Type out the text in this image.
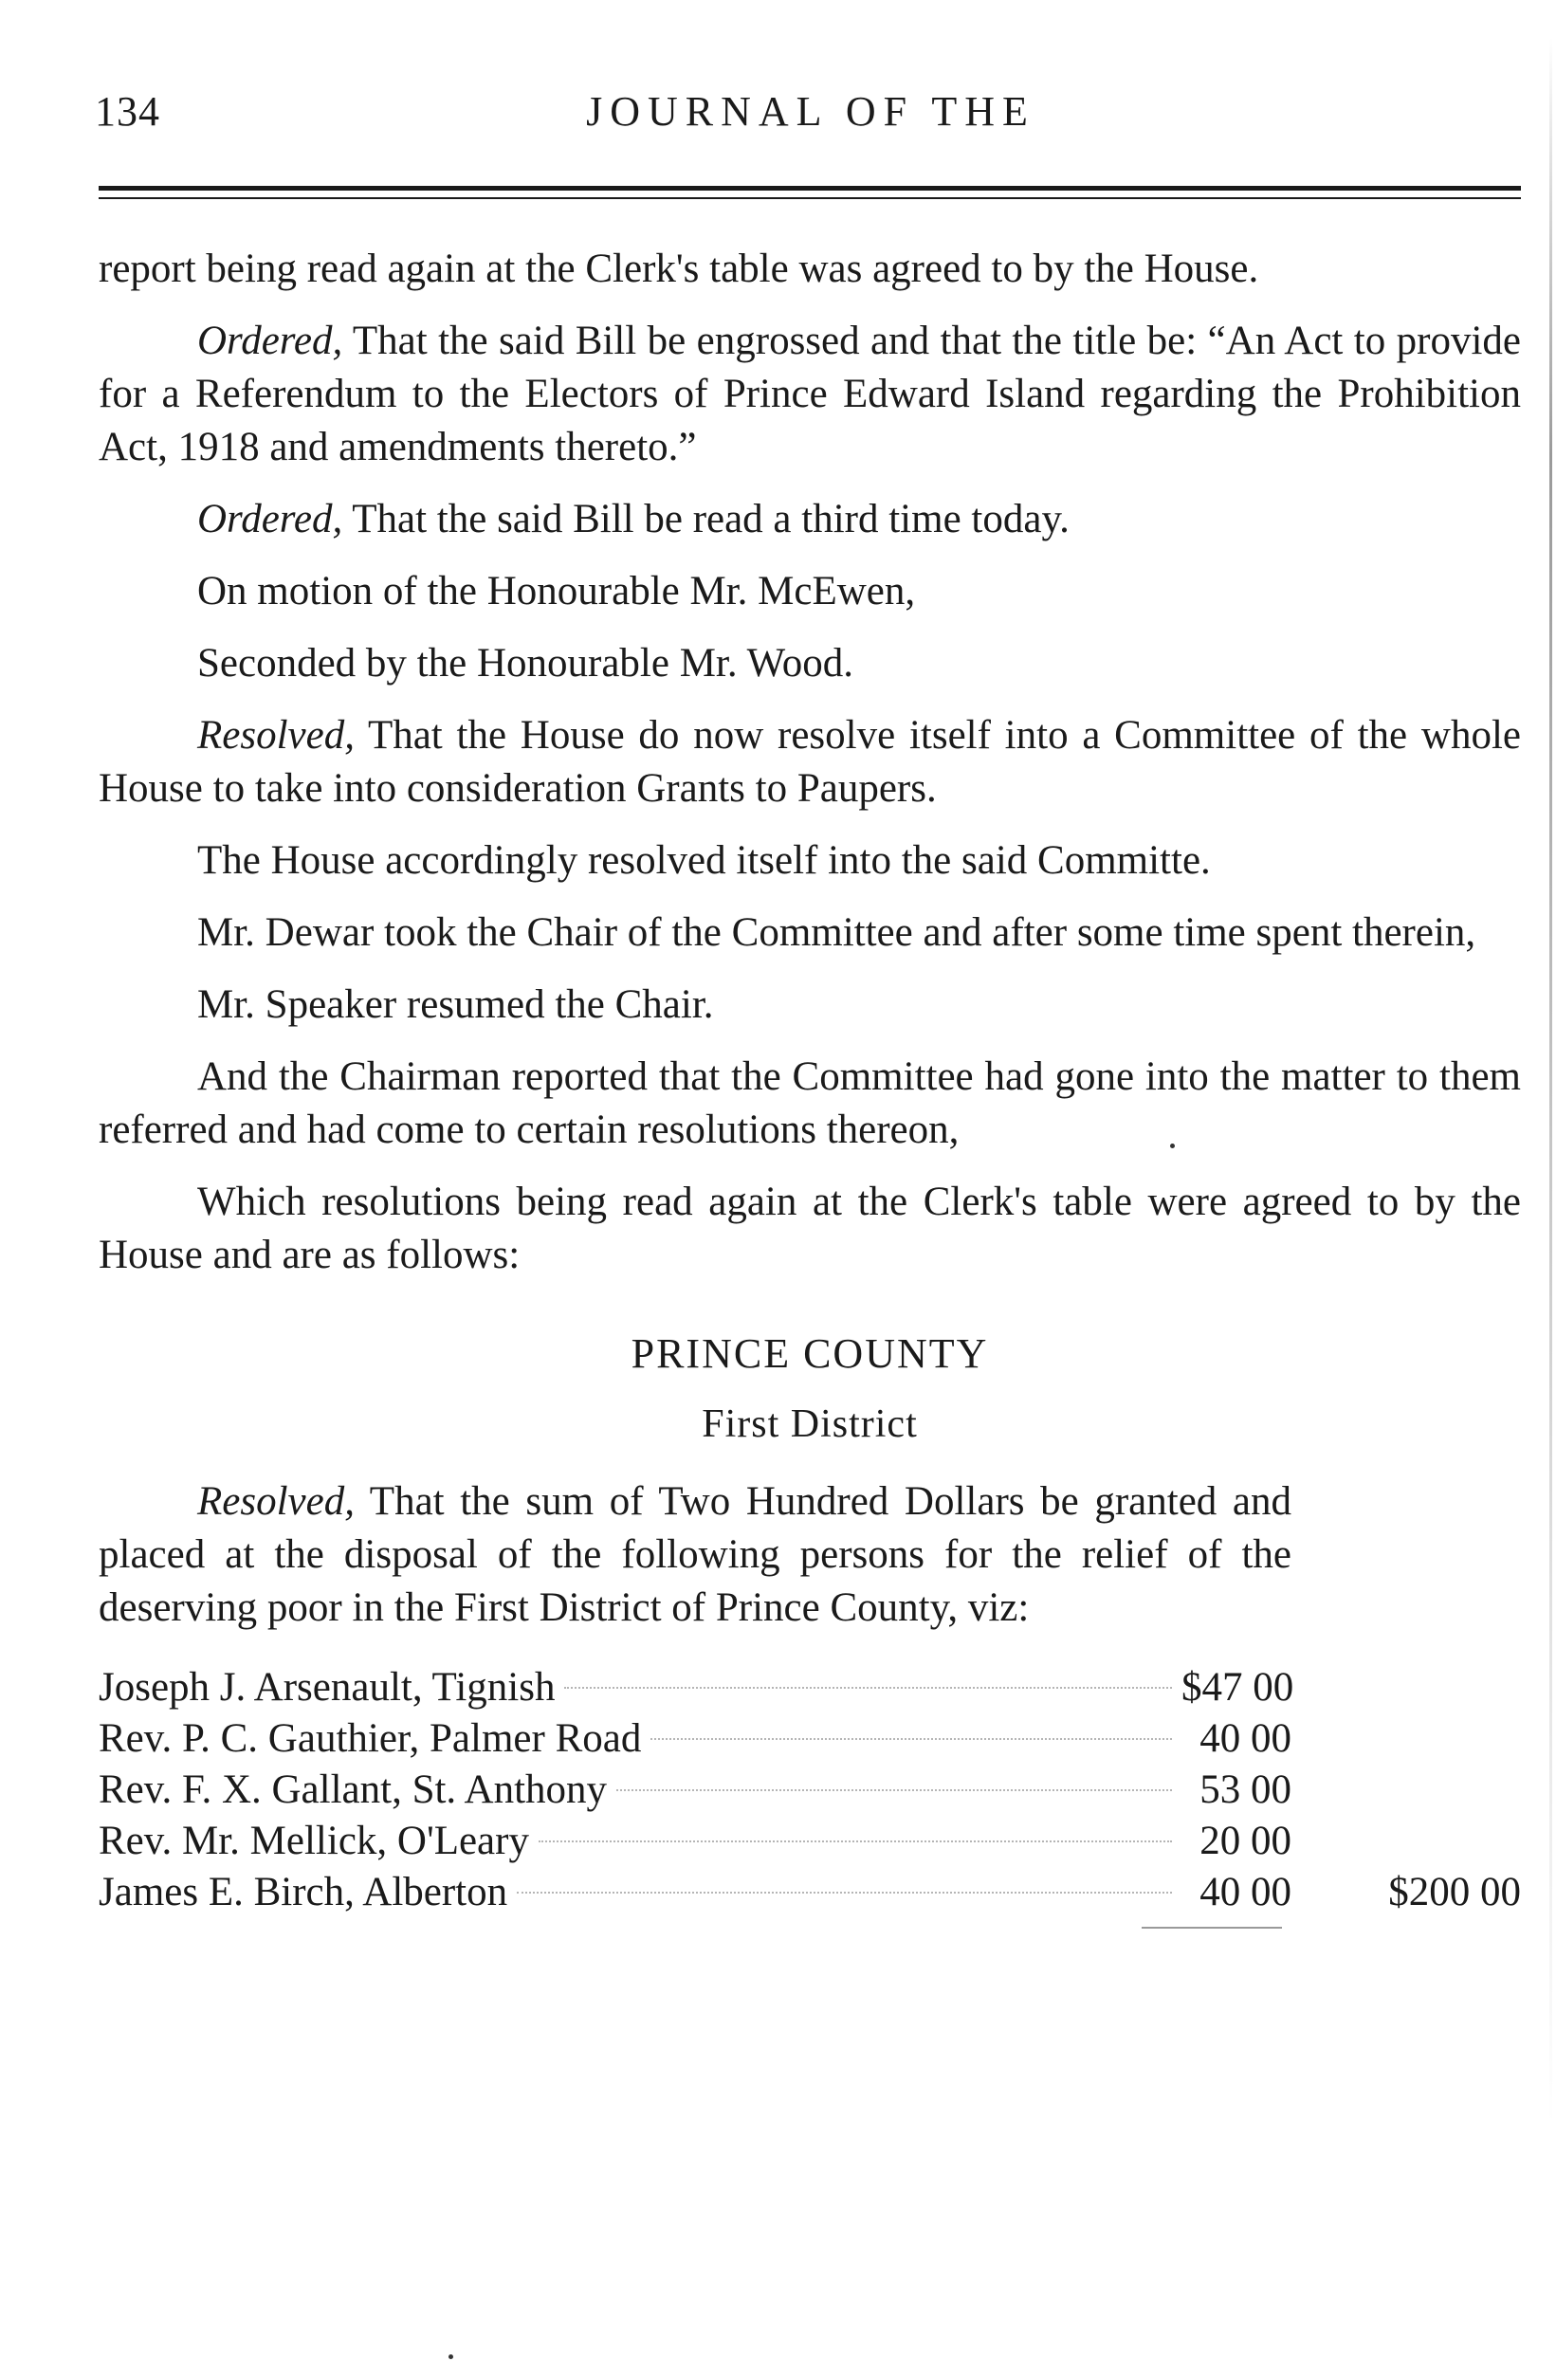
134	JOURNAL OF THE

report being read again at the Clerk's table was agreed to by the House.

Ordered, That the said Bill be engrossed and that the title be: “An Act to provide for a Referendum to the Electors of Prince Edward Island regarding the Prohibition Act, 1918 and amendments thereto.”

Ordered, That the said Bill be read a third time today.

On motion of the Honourable Mr. McEwen,

Seconded by the Honourable Mr. Wood.

Resolved, That the House do now resolve itself into a Committee of the whole House to take into consideration Grants to Paupers.

The House accordingly resolved itself into the said Committe.

Mr. Dewar took the Chair of the Committee and after some time spent therein,

Mr. Speaker resumed the Chair.

And the Chairman reported that the Committee had gone into the matter to them referred and had come to certain resolutions thereon,

Which resolutions being read again at the Clerk's table were agreed to by the House and are as follows:

PRINCE COUNTY
First District

Resolved, That the sum of Two Hundred Dollars be granted and placed at the disposal of the following persons for the relief of the deserving poor in the First District of Prince County, viz:

Joseph J. Arsenault, Tignish	$47 00
Rev. P. C. Gauthier, Palmer Road	40 00
Rev. F. X. Gallant, St. Anthony	53 00
Rev. Mr. Mellick, O'Leary	20 00
James E. Birch, Alberton	40 00	$200 00
